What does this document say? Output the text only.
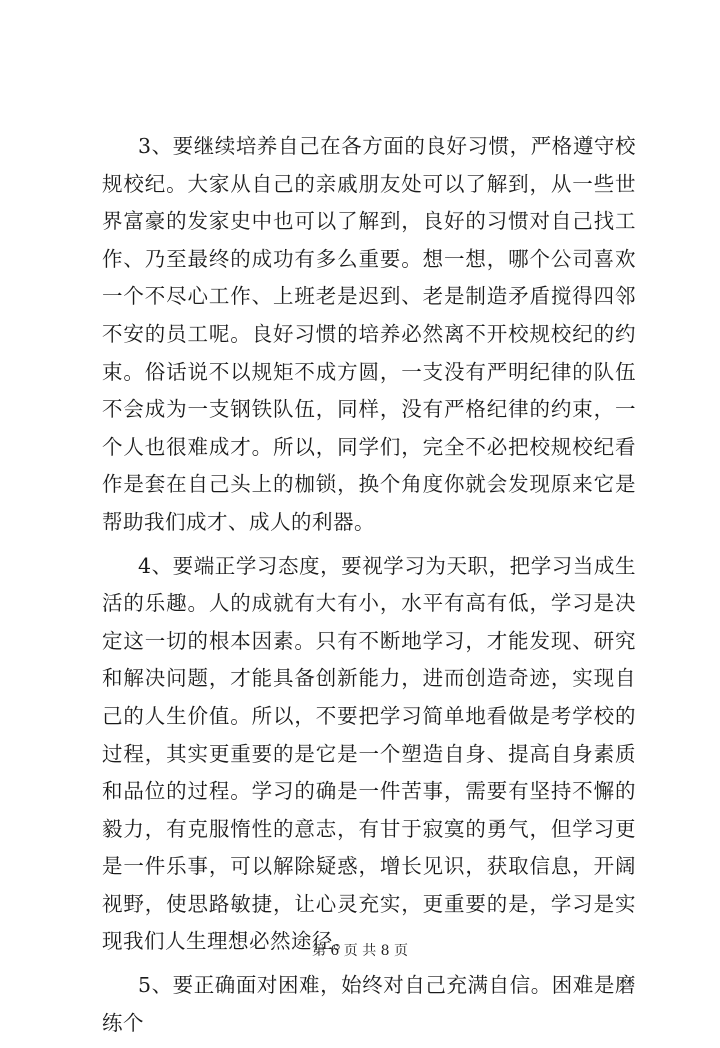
3、要继续培养自己在各方面的良好习惯，严格遵守校规校纪。大家从自己的亲戚朋友处可以了解到，从一些世界富豪的发家史中也可以了解到，良好的习惯对自己找工作、乃至最终的成功有多么重要。想一想，哪个公司喜欢一个不尽心工作、上班老是迟到、老是制造矛盾搅得四邻不安的员工呢。良好习惯的培养必然离不开校规校纪的约束。俗话说不以规矩不成方圆，一支没有严明纪律的队伍不会成为一支钢铁队伍，同样，没有严格纪律的约束，一个人也很难成才。所以，同学们，完全不必把校规校纪看作是套在自己头上的枷锁，换个角度你就会发现原来它是帮助我们成才、成人的利器。

4、要端正学习态度，要视学习为天职，把学习当成生活的乐趣。人的成就有大有小，水平有高有低，学习是决定这一切的根本因素。只有不断地学习，才能发现、研究和解决问题，才能具备创新能力，进而创造奇迹，实现自己的人生价值。所以，不要把学习简单地看做是考学校的过程，其实更重要的是它是一个塑造自身、提高自身素质和品位的过程。学习的确是一件苦事，需要有坚持不懈的毅力，有克服惰性的意志，有甘于寂寞的勇气，但学习更是一件乐事，可以解除疑惑，增长见识，获取信息，开阔视野，使思路敏捷，让心灵充实，更重要的是，学习是实现我们人生理想必然途径。

5、要正确面对困难，始终对自己充满自信。困难是磨练个

第 6 页 共 8 页
